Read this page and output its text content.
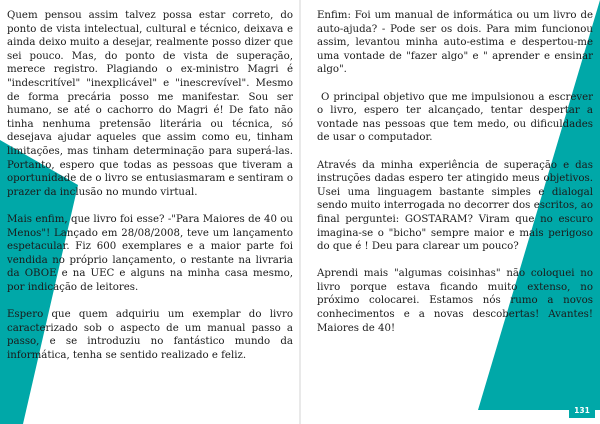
Quem pensou assim talvez possa estar correto, do ponto de vista intelectual, cultural e técnico, deixava e ainda deixo muito a desejar, realmente posso dizer que sei pouco. Mas, do ponto de vista de superação, merece registro. Plagiando o ex-ministro Magri é "indescritível" "inexplicável" e "inescrevível". Mesmo de forma precária posso me manifestar. Sou ser humano, se até o cachorro do Magri é! De fato não tinha nenhuma pretensão literária ou técnica, só desejava ajudar aqueles que assim como eu, tinham limitações, mas tinham determinação para superá-las. Portanto, espero que todas as pessoas que tiveram a oportunidade de o livro se entusiasmaram e sentiram o prazer da inclusão no mundo virtual.

Mais enfim, que livro foi esse? -"Para Maiores de 40 ou Menos"! Lançado em 28/08/2008, teve um lançamento espetacular. Fiz 600 exemplares e a maior parte foi vendida no próprio lançamento, o restante na livraria da OBOE e na UEC e alguns na minha casa mesmo, por indicação de leitores.

Espero que quem adquiriu um exemplar do livro caracterizado sob o aspecto de um manual passo a passo, e se introduziu no fantástico mundo da informática, tenha se sentido realizado e feliz.

Enfim: Foi um manual de informática ou um livro de auto-ajuda? - Pode ser os dois. Para mim funcionou assim, levantou minha auto-estima e despertou-me uma vontade de "fazer algo" e " aprender e ensinar algo".

O principal objetivo que me impulsionou a escrever o livro, espero ter alcançado, tentar despertar a vontade nas pessoas que tem medo, ou dificuldades de usar o computador.

Através da minha experiência de superação e das instruções dadas espero ter atingido meus objetivos. Usei uma linguagem bastante simples e dialogal sendo muito interrogada no decorrer dos escritos, ao final perguntei: GOSTARAM? Viram que no escuro imagina-se o "bicho" sempre maior e mais perigoso do que é ! Deu para clarear um pouco?

Aprendi mais "algumas coisinhas" não coloquei no livro porque estava ficando muito extenso, no próximo colocarei. Estamos nós rumo a novos conhecimentos e a novas descobertas! Avantes! Maiores de 40!

131
